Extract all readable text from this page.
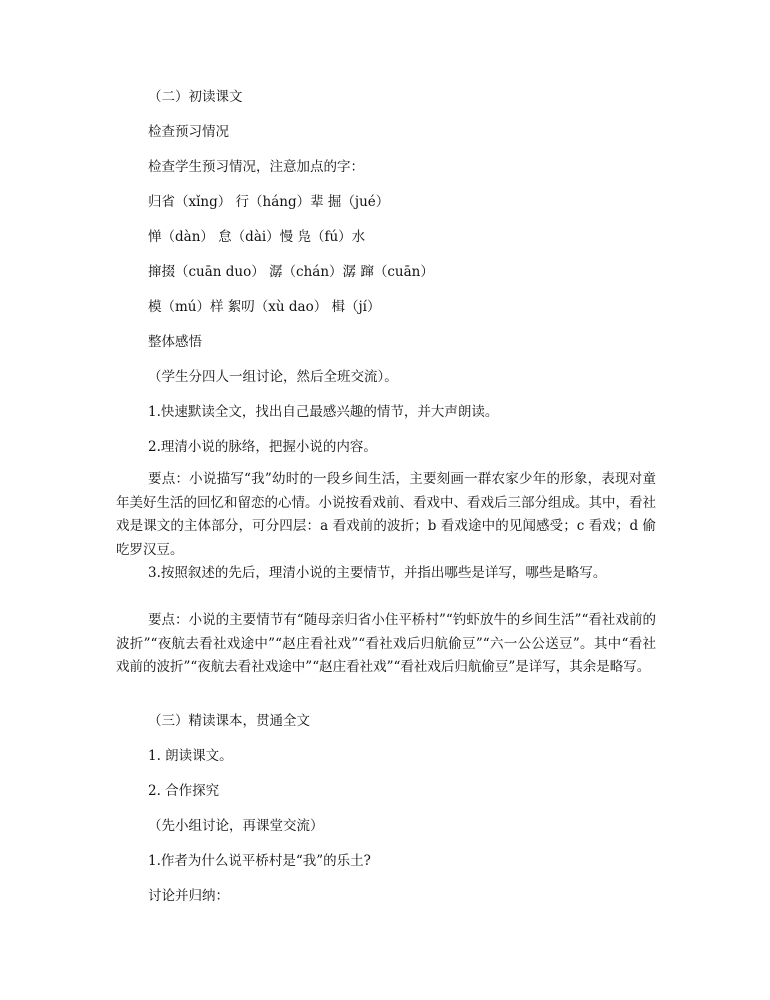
（二）初读课文
检查预习情况
检查学生预习情况，注意加点的字：
归省（xǐng） 行（háng）辈 掘（jué）
惮（dàn） 怠（dài）慢 凫（fú）水
撺掇（cuān duo） 潺（chán）潺 蹿（cuān）
模（mú）样 絮叨（xù dao） 楫（jí）
整体感悟
（学生分四人一组讨论，然后全班交流）。
1.快速默读全文，找出自己最感兴趣的情节，并大声朗读。
2.理清小说的脉络，把握小说的内容。
要点：小说描写“我”幼时的一段乡间生活，主要刻画一群农家少年的形象，表现对童年美好生活的回忆和留恋的心情。小说按看戏前、看戏中、看戏后三部分组成。其中，看社戏是课文的主体部分，可分四层：a 看戏前的波折；b 看戏途中的见闻感受；c 看戏；d 偷吃罗汉豆。
3.按照叙述的先后，理清小说的主要情节，并指出哪些是详写，哪些是略写。
要点：小说的主要情节有“随母亲归省小住平桥村”“钓虾放牛的乡间生活”“看社戏前的波折”“夜航去看社戏途中”“赵庄看社戏”“看社戏后归航偷豆”“六一公公送豆”。其中“看社戏前的波折”“夜航去看社戏途中”“赵庄看社戏”“看社戏后归航偷豆”是详写，其余是略写。
（三）精读课本，贯通全文
1. 朗读课文。
2. 合作探究
（先小组讨论，再课堂交流）
1.作者为什么说平桥村是“我”的乐土?
讨论并归纳：
